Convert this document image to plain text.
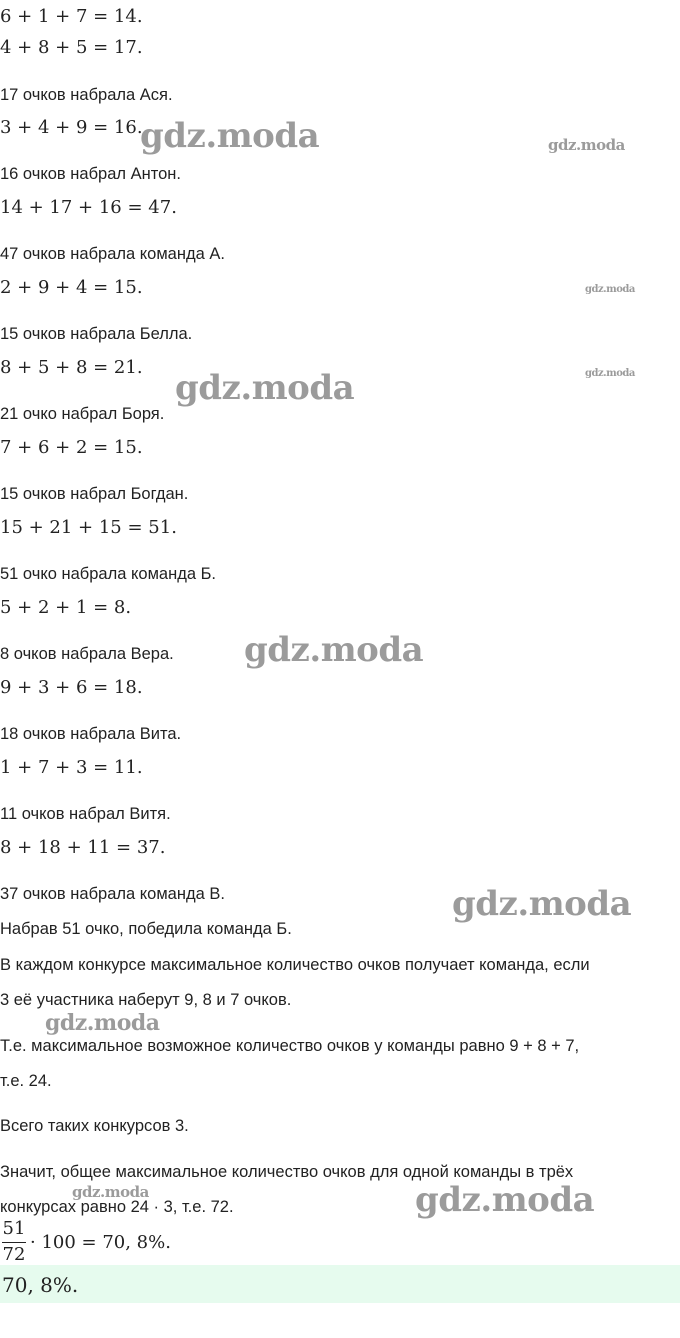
6 + 1 + 7 = 14.
4 + 8 + 5 = 17.
17 очков набрала Ася.
3 + 4 + 9 = 16.
16 очков набрал Антон.
14 + 17 + 16 = 47.
47 очков набрала команда А.
2 + 9 + 4 = 15.
15 очков набрала Белла.
8 + 5 + 8 = 21.
21 очко набрал Боря.
7 + 6 + 2 = 15.
15 очков набрал Богдан.
15 + 21 + 15 = 51.
51 очко набрала команда Б.
5 + 2 + 1 = 8.
8 очков набрала Вера.
9 + 3 + 6 = 18.
18 очков набрала Вита.
1 + 7 + 3 = 11.
11 очков набрал Витя.
8 + 18 + 11 = 37.
37 очков набрала команда В.
Набрав 51 очко, победила команда Б.
В каждом конкурсе максимальное количество очков получает команда, если
3 её участника наберут 9, 8 и 7 очков.
Т.е. максимальное возможное количество очков у команды равно 9 + 8 + 7,
т.е. 24.
Всего таких конкурсов 3.
Значит, общее максимальное количество очков для одной команды в трёх
конкурсах равно 24 · 3, т.е. 72.
51
72
· 100 = 70, 8%.
70, 8%.
gdz.moda	gdz.moda
gdz.moda
gdz.moda
gdz.moda
gdz.moda
gdz.moda
gdz.moda
gdz.moda	gdz.moda
